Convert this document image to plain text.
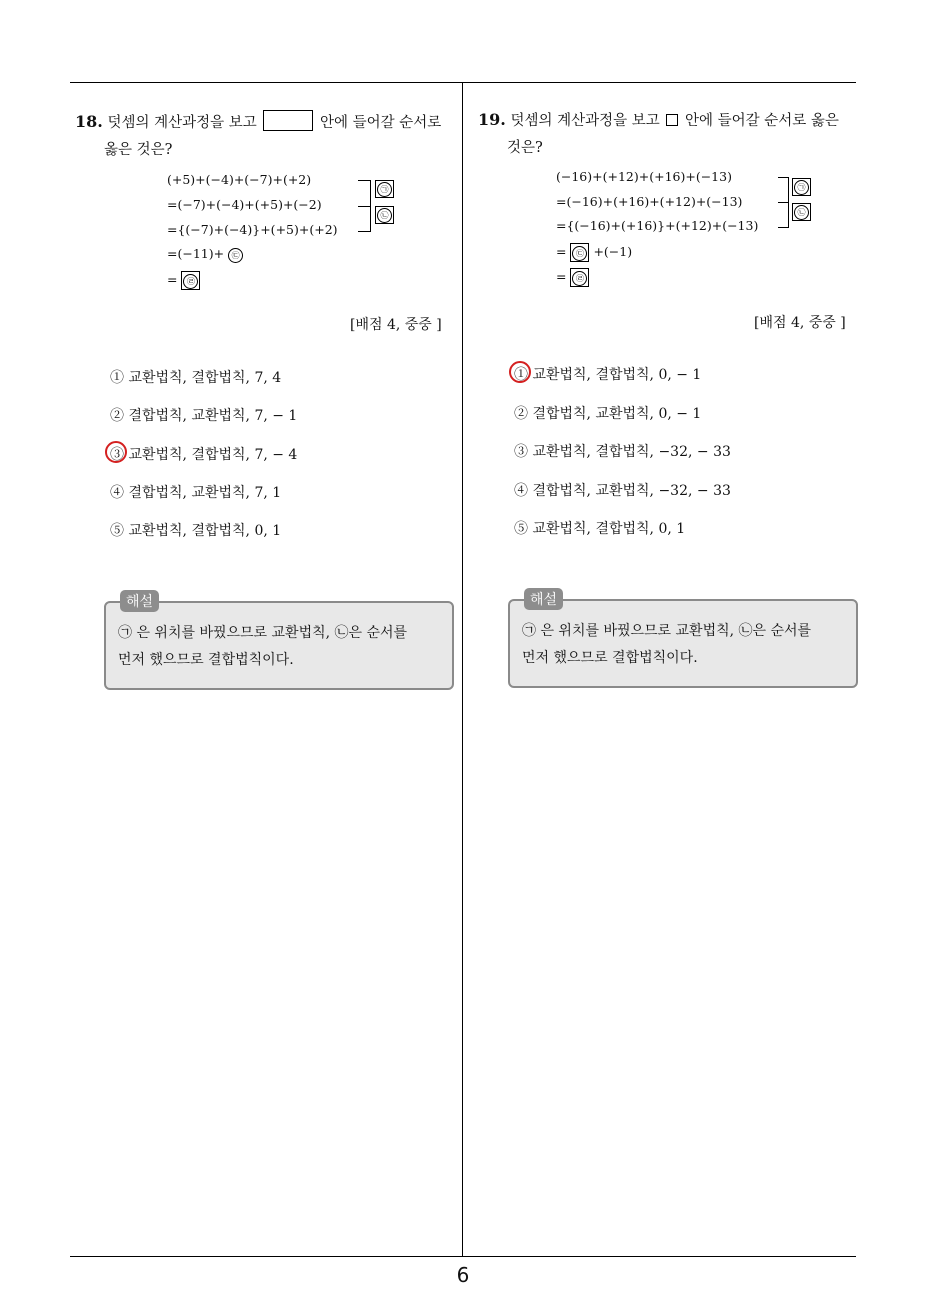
6
18. 덧셈의 계산과정을 보고	안에 들어갈 순서로
옳은 것은?
(+5)+(−4)+(−7)+(+2)
=(−7)+(−4)+(+5)+(−2)
={(−7)+(−4)}+(+5)+(+2)
=(−11)+ ㉢
= ㉣
㉠
㉡
[배점 4, 중중 ]
① 교환법칙, 결합법칙, 7, 4
② 결합법칙, 교환법칙, 7, − 1
③ 교환법칙, 결합법칙, 7, − 4
④ 결합법칙, 교환법칙, 7, 1
⑤ 교환법칙, 결합법칙, 0, 1
㉠ 은 위치를 바꿨으므로 교환법칙, ㉡은 순서를
먼저 했으므로 결합법칙이다.
해설
19. 덧셈의 계산과정을 보고 안에 들어갈 순서로 옳은
것은?
(−16)+(+12)+(+16)+(−13)
=(−16)+(+16)+(+12)+(−13)
={(−16)+(+16)}+(+12)+(−13)
= ㉢ +(−1)
= ㉣
㉠
㉡
[배점 4, 중중 ]
① 교환법칙, 결합법칙, 0, − 1
② 결합법칙, 교환법칙, 0, − 1
③ 교환법칙, 결합법칙, −32, − 33
④ 결합법칙, 교환법칙, −32, − 33
⑤ 교환법칙, 결합법칙, 0, 1
㉠ 은 위치를 바꿨으므로 교환법칙, ㉡은 순서를
먼저 했으므로 결합법칙이다.
해설
